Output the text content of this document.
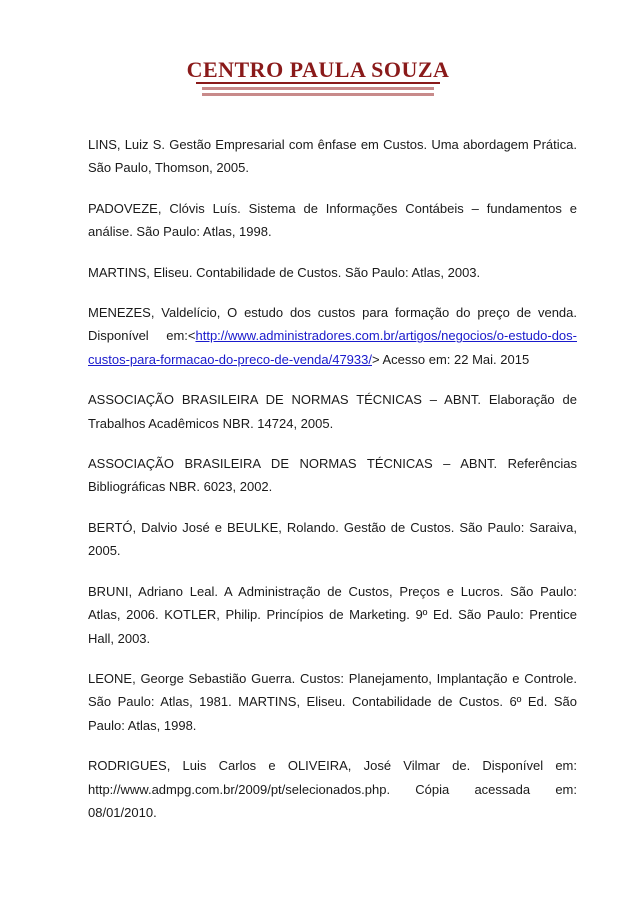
CENTRO PAULA SOUZA

LINS, Luiz S. Gestão Empresarial com ênfase em Custos. Uma abordagem Prática. São Paulo, Thomson, 2005.

PADOVEZE, Clóvis Luís. Sistema de Informações Contábeis – fundamentos e análise. São Paulo: Atlas, 1998.

MARTINS, Eliseu. Contabilidade de Custos. São Paulo: Atlas, 2003.

MENEZES, Valdelício, O estudo dos custos para formação do preço de venda. Disponível em:<http://www.administradores.com.br/artigos/negocios/o-estudo-dos-custos-para-formacao-do-preco-de-venda/47933/> Acesso em: 22 Mai. 2015

ASSOCIAÇÃO BRASILEIRA DE NORMAS TÉCNICAS – ABNT. Elaboração de Trabalhos Acadêmicos NBR. 14724, 2005.

ASSOCIAÇÃO BRASILEIRA DE NORMAS TÉCNICAS – ABNT. Referências Bibliográficas NBR. 6023, 2002.

BERTÓ, Dalvio José e BEULKE, Rolando. Gestão de Custos. São Paulo: Saraiva, 2005.

BRUNI, Adriano Leal. A Administração de Custos, Preços e Lucros. São Paulo: Atlas, 2006. KOTLER, Philip. Princípios de Marketing. 9º Ed. São Paulo: Prentice Hall, 2003.

LEONE, George Sebastião Guerra. Custos: Planejamento, Implantação e Controle. São Paulo: Atlas, 1981. MARTINS, Eliseu. Contabilidade de Custos. 6º Ed. São Paulo: Atlas, 1998.

RODRIGUES, Luis Carlos e OLIVEIRA, José Vilmar de. Disponível em: http://www.admpg.com.br/2009/pt/selecionados.php. Cópia acessada em: 08/01/2010.
